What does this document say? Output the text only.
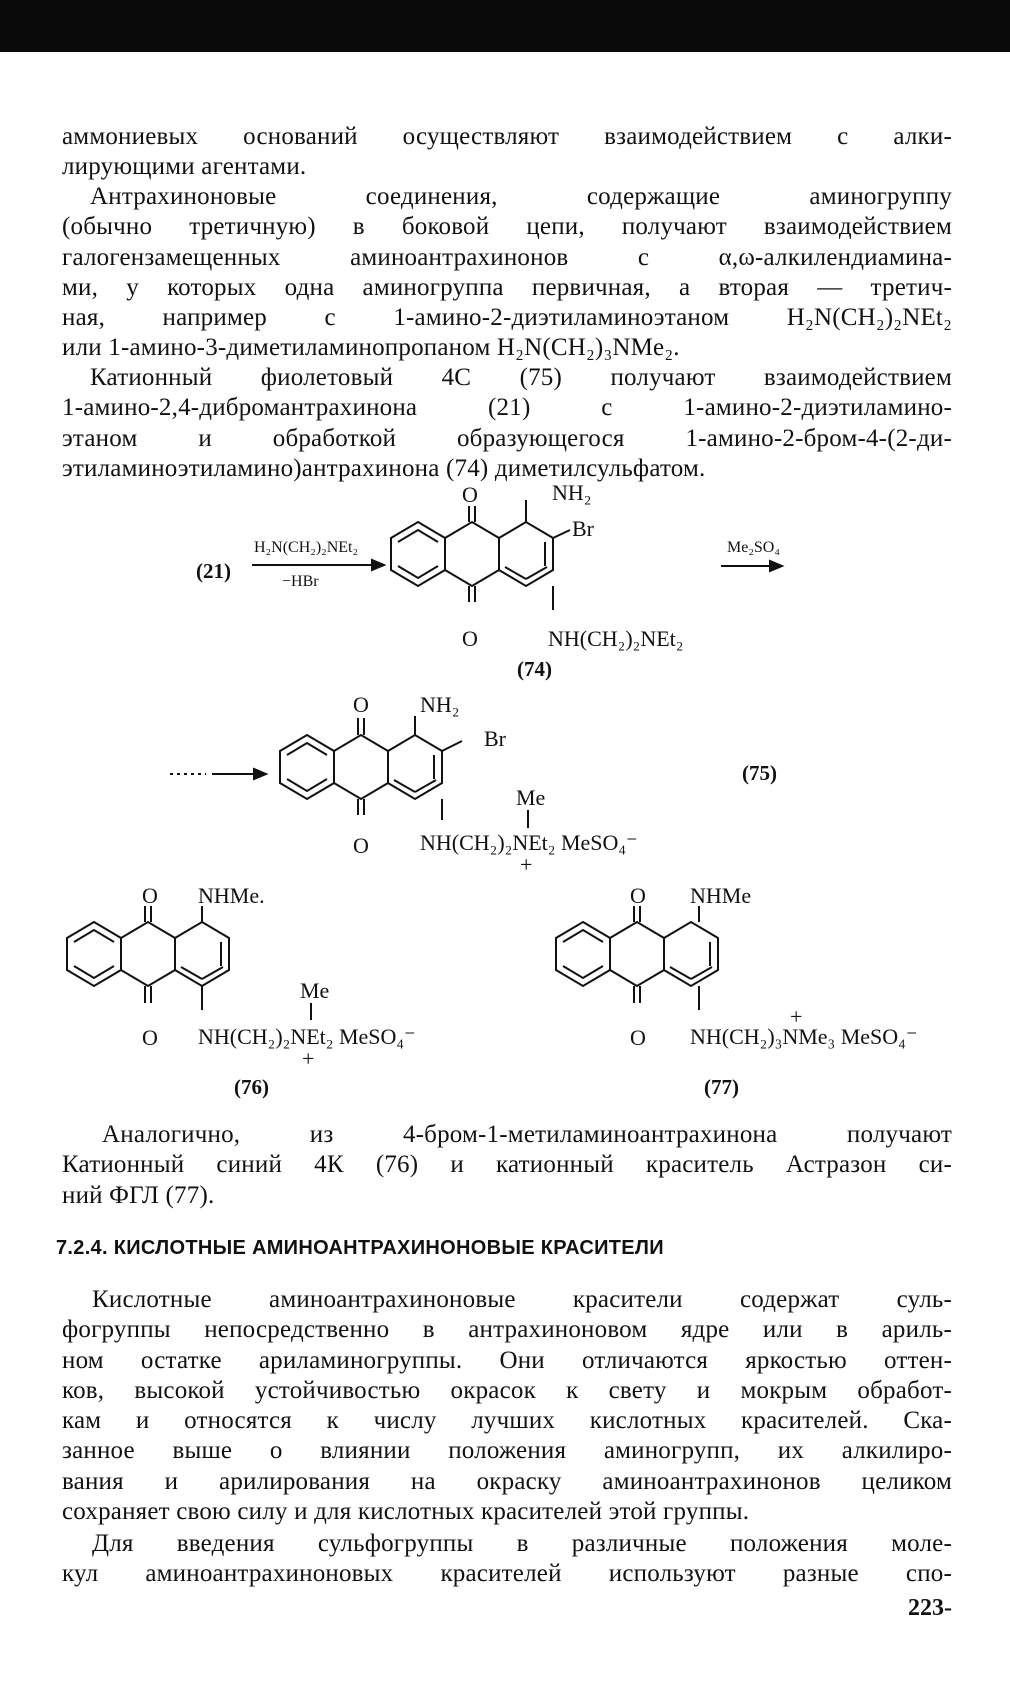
аммониевых оснований осуществляют взаимодействием с алки-
лирующими агентами.
Антрахиноновые соединения, содержащие аминогруппу
(обычно третичную) в боковой цепи, получают взаимодействием
галогензамещенных аминоантрахинонов с α,ω-алкилендиамина-
ми, у которых одна аминогруппа первичная, а вторая — третич-
ная, например с 1-амино-2-диэтиламиноэтаном H₂N(CH₂)₂NEt₂
или 1-амино-3-диметиламинопропаном H₂N(CH₂)₃NMe₂.
Катионный фиолетовый 4С (75) получают взаимодействием
1-амино-2,4-дибромантрахинона (21) с 1-амино-2-диэтиламино-
этаном и обработкой образующегося 1-амино-2-бром-4-(2-ди-
этиламиноэтиламино)антрахинона (74) диметилсульфатом.
O	NH₂
Br
O	NH(CH₂)₂NEt₂
(74)
(21)
H₂N(CH₂)₂NEt₂
−HBr
Me₂SO₄
O NH₂
Br
Me
O NH(CH₂)₂NEt₂ MeSO₄⁻
+
(75)
O NHMe.
Me
O NH(CH₂)₂NEt₂ MeSO₄⁻
+
(76)
O NHMe
+
O NH(CH₂)₃NMe₃ MeSO₄⁻
(77)
Аналогично, из 4-бром-1-метиламиноантрахинона получают
Катионный синий 4К (76) и катионный краситель Астразон си-
ний ФГЛ (77).
7.2.4. КИСЛОТНЫЕ АМИНОАНТРАХИНОНОВЫЕ КРАСИТЕЛИ
Кислотные аминоантрахиноновые красители содержат суль-
фогруппы непосредственно в антрахиноновом ядре или в ариль-
ном остатке ариламиногруппы. Они отличаются яркостью оттен-
ков, высокой устойчивостью окрасок к свету и мокрым обработ-
кам и относятся к числу лучших кислотных красителей. Ска-
занное выше о влиянии положения аминогрупп, их алкилиро-
вания и арилирования на окраску аминоантрахинонов целиком
сохраняет свою силу и для кислотных красителей этой группы.
Для введения сульфогруппы в различные положения моле-
кул аминоантрахиноновых красителей используют разные спо-
223-
